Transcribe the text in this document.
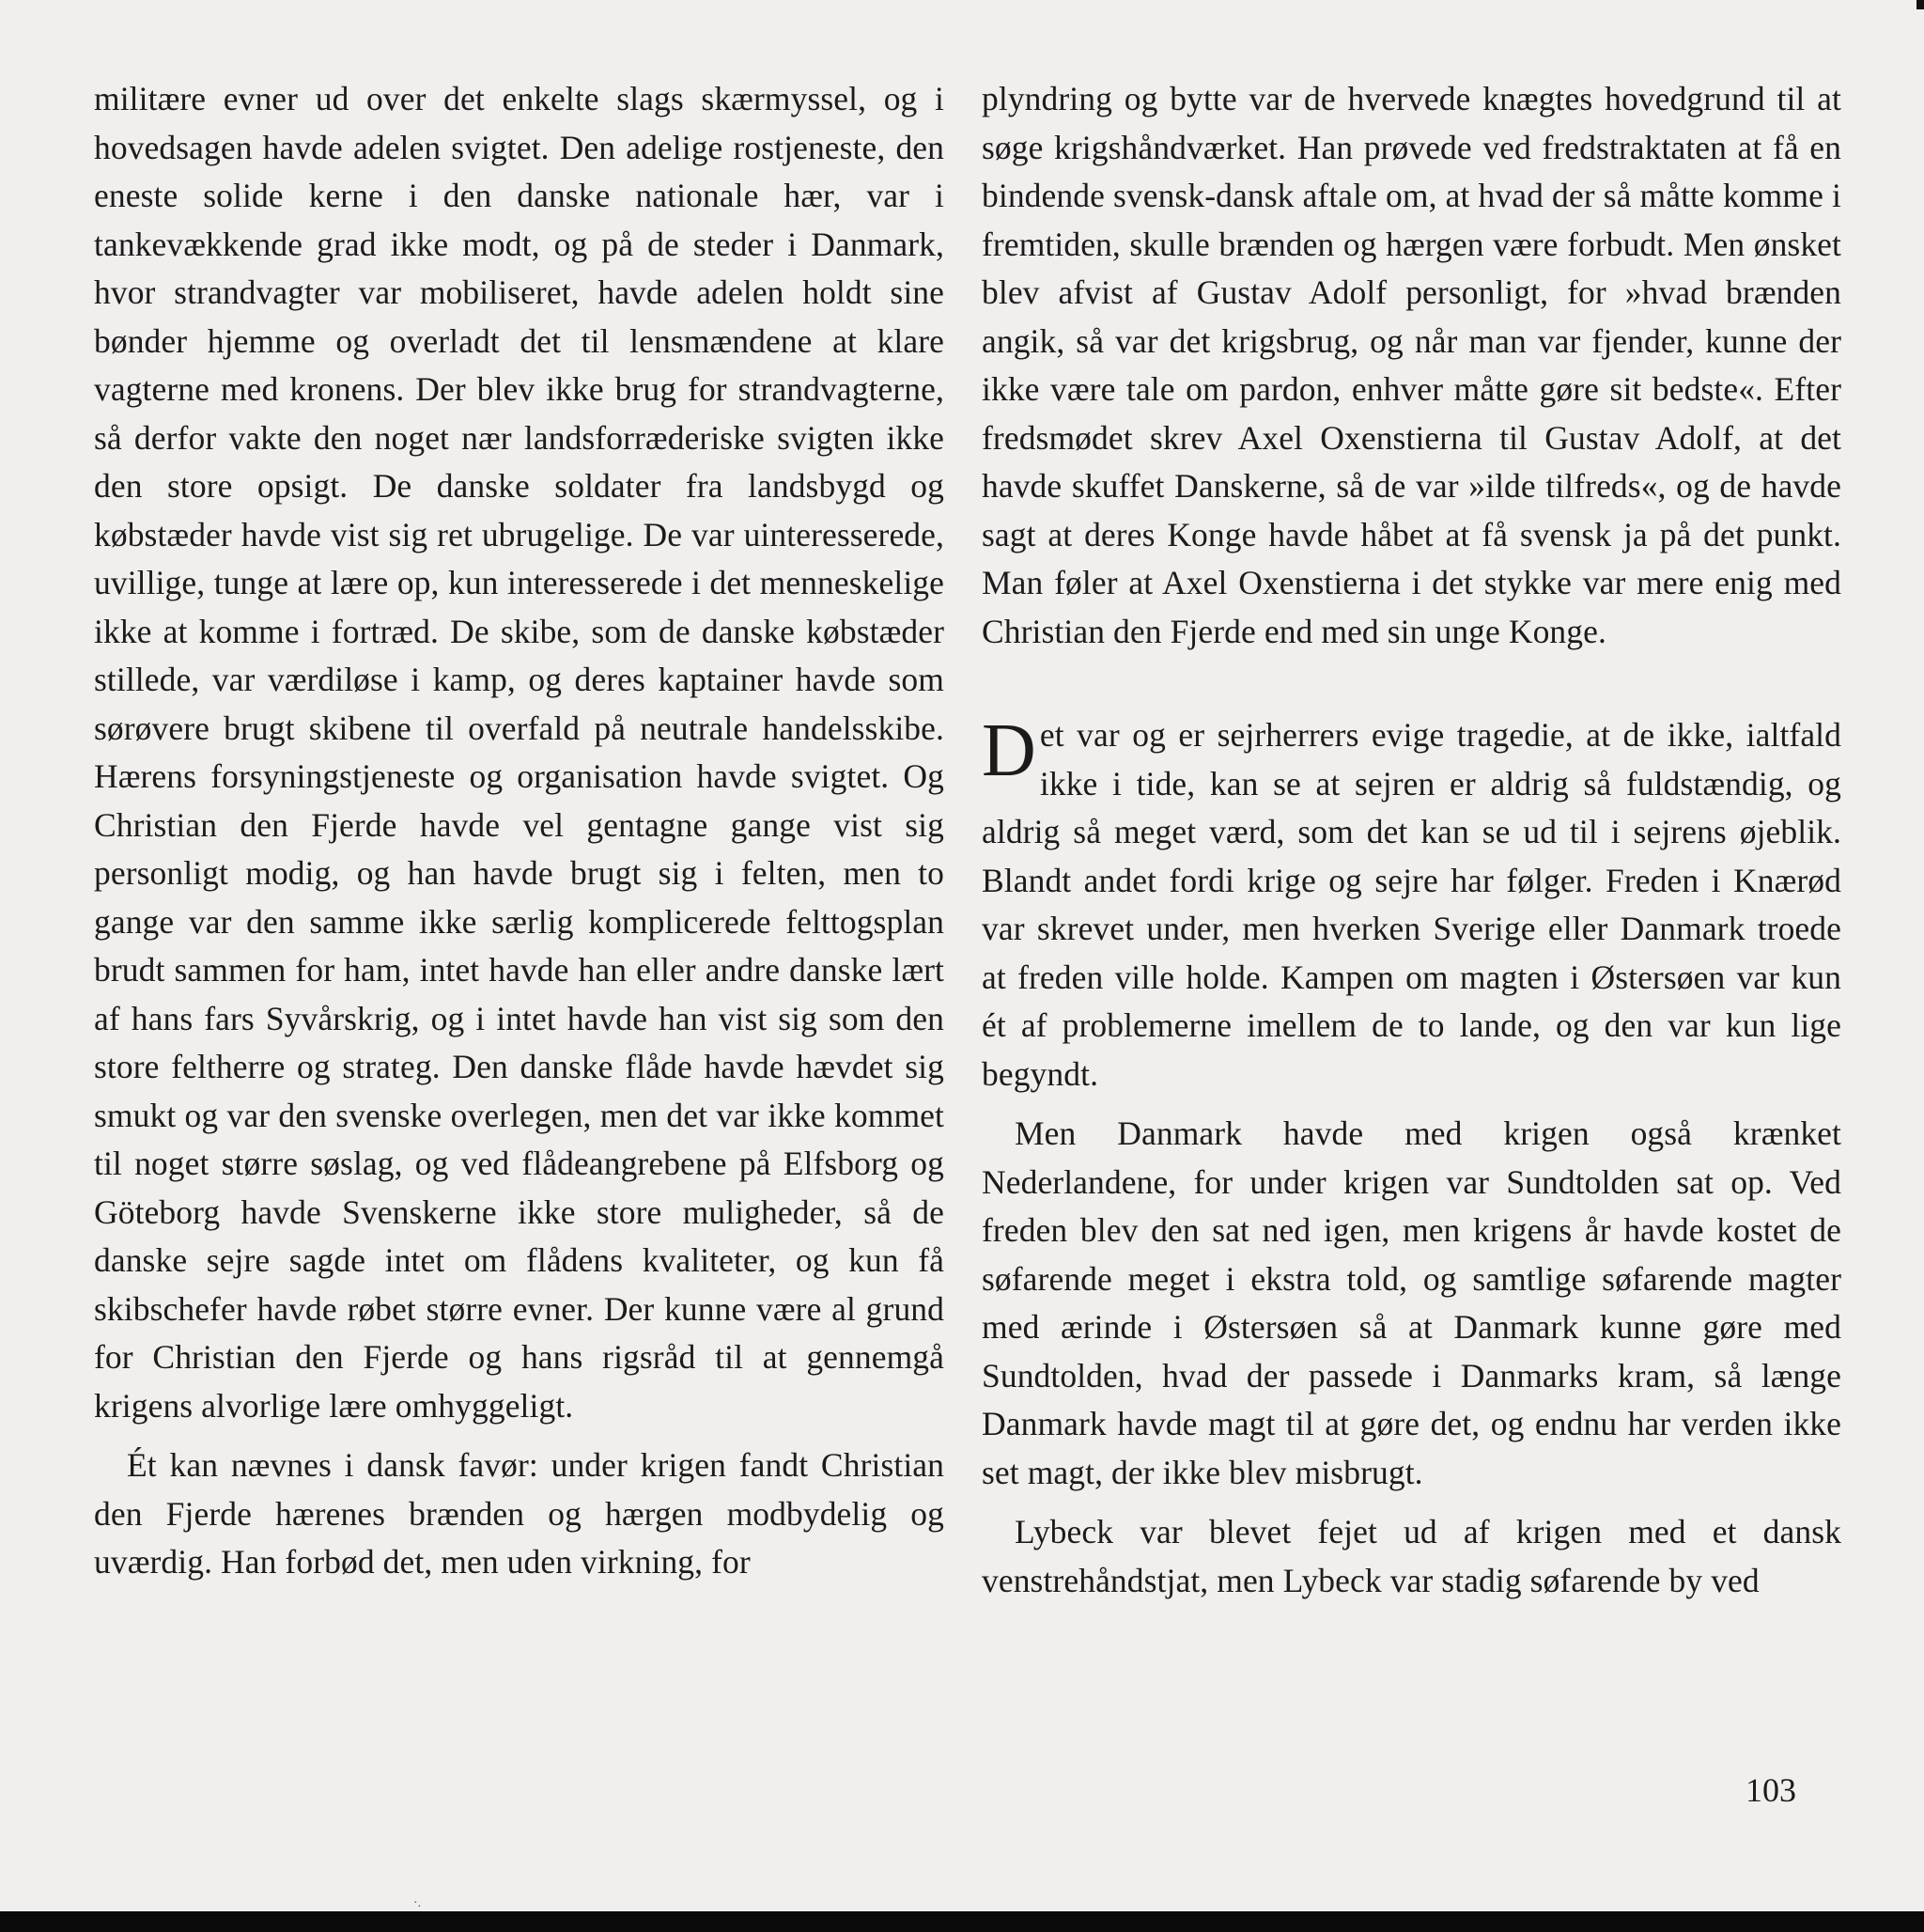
militære evner ud over det enkelte slags skærmyssel, og i hovedsagen havde adelen svigtet. Den adelige rostjeneste, den eneste solide kerne i den danske nationale hær, var i tankevækkende grad ikke modt, og på de steder i Danmark, hvor strandvagter var mobiliseret, havde adelen holdt sine bønder hjemme og overladt det til lensmændene at klare vagterne med kronens. Der blev ikke brug for strandvagterne, så derfor vakte den noget nær landsforræderiske svigten ikke den store opsigt. De danske soldater fra landsbygd og købstæder havde vist sig ret ubrugelige. De var uinteresserede, uvillige, tunge at lære op, kun interesserede i det menneskelige ikke at komme i fortræd. De skibe, som de danske købstæder stillede, var værdiløse i kamp, og deres kaptainer havde som sørøvere brugt skibene til overfald på neutrale handelsskibe. Hærens forsyningstjeneste og organisation havde svigtet. Og Christian den Fjerde havde vel gentagne gange vist sig personligt modig, og han havde brugt sig i felten, men to gange var den samme ikke særlig komplicerede felttogsplan brudt sammen for ham, intet havde han eller andre danske lært af hans fars Syvårskrig, og i intet havde han vist sig som den store feltherre og strateg. Den danske flåde havde hævdet sig smukt og var den svenske overlegen, men det var ikke kommet til noget større søslag, og ved flådeangrebene på Elfsborg og Göteborg havde Svenskerne ikke store muligheder, så de danske sejre sagde intet om flådens kvaliteter, og kun få skibschefer havde røbet større evner. Der kunne være al grund for Christian den Fjerde og hans rigsråd til at gennemgå krigens alvorlige lære omhyggeligt.

Ét kan nævnes i dansk favør: under krigen fandt Christian den Fjerde hærenes brænden og hærgen modbydelig og uværdig. Han forbød det, men uden virkning, for

plyndring og bytte var de hvervede knægtes hovedgrund til at søge krigshåndværket. Han prøvede ved fredstraktaten at få en bindende svensk-dansk aftale om, at hvad der så måtte komme i fremtiden, skulle brænden og hærgen være forbudt. Men ønsket blev afvist af Gustav Adolf personligt, for »hvad brænden angik, så var det krigsbrug, og når man var fjender, kunne der ikke være tale om pardon, enhver måtte gøre sit bedste«. Efter fredsmødet skrev Axel Oxenstierna til Gustav Adolf, at det havde skuffet Danskerne, så de var »ilde tilfreds«, og de havde sagt at deres Konge havde håbet at få svensk ja på det punkt. Man føler at Axel Oxenstierna i det stykke var mere enig med Christian den Fjerde end med sin unge Konge.

Det var og er sejrherrers evige tragedie, at de ikke, ialtfald ikke i tide, kan se at sejren er aldrig så fuldstændig, og aldrig så meget værd, som det kan se ud til i sejrens øjeblik. Blandt andet fordi krige og sejre har følger. Freden i Knærød var skrevet under, men hverken Sverige eller Danmark troede at freden ville holde. Kampen om magten i Østersøen var kun ét af problemerne imellem de to lande, og den var kun lige begyndt.

Men Danmark havde med krigen også krænket Nederlandene, for under krigen var Sundtolden sat op. Ved freden blev den sat ned igen, men krigens år havde kostet de søfarende meget i ekstra told, og samtlige søfarende magter med ærinde i Østersøen så at Danmark kunne gøre med Sundtolden, hvad der passede i Danmarks kram, så længe Danmark havde magt til at gøre det, og endnu har verden ikke set magt, der ikke blev misbrugt.

Lybeck var blevet fejet ud af krigen med et dansk venstrehåndstjat, men Lybeck var stadig søfarende by ved

103
·.
